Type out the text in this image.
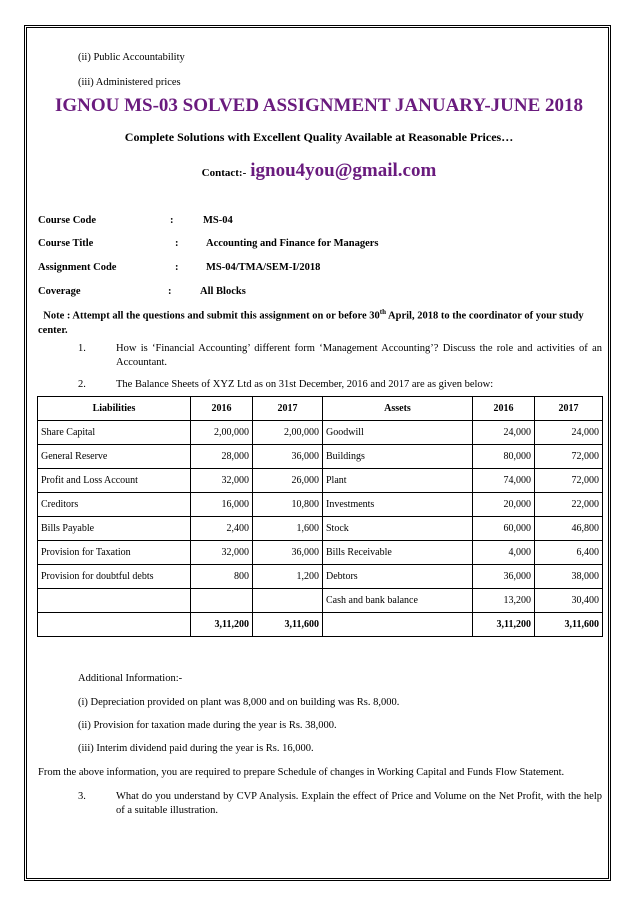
(ii) Public Accountability
(iii) Administered prices
IGNOU MS-03 SOLVED ASSIGNMENT JANUARY-JUNE 2018
Complete Solutions with Excellent Quality Available at Reasonable Prices…
Contact:- ignou4you@gmail.com
Course Code	:	MS-04
Course Title	:	Accounting and Finance for Managers
Assignment Code	:	MS-04/TMA/SEM-I/2018
Coverage	:	All Blocks
Note : Attempt all the questions and submit this assignment on or before 30th April, 2018 to the coordinator of your study center.
1.	How is ‘Financial Accounting’ different form ‘Management Accounting’? Discuss the role and activities of an Accountant.
2.	The Balance Sheets of XYZ Ltd as on 31st December, 2016 and 2017 are as given below:
Liabilities	2016	2017	Assets	2016	2017
Share Capital	2,00,000	2,00,000	Goodwill	24,000	24,000
General Reserve	28,000	36,000	Buildings	80,000	72,000
Profit and Loss Account	32,000	26,000	Plant	74,000	72,000
Creditors	16,000	10,800	Investments	20,000	22,000
Bills Payable	2,400	1,600	Stock	60,000	46,800
Provision for Taxation	32,000	36,000	Bills Receivable	4,000	6,400
Provision for doubtful debts	800	1,200	Debtors	36,000	38,000
			Cash and bank balance	13,200	30,400
	3,11,200	3,11,600		3,11,200	3,11,600
Additional Information:-
(i) Depreciation provided on plant was 8,000 and on building was Rs. 8,000.
(ii) Provision for taxation made during the year is Rs. 38,000.
(iii) Interim dividend paid during the year is Rs. 16,000.
From the above information, you are required to prepare Schedule of changes in Working Capital and Funds Flow Statement.
3.	What do you understand by CVP Analysis. Explain the effect of Price and Volume on the Net Profit, with the help of a suitable illustration.
